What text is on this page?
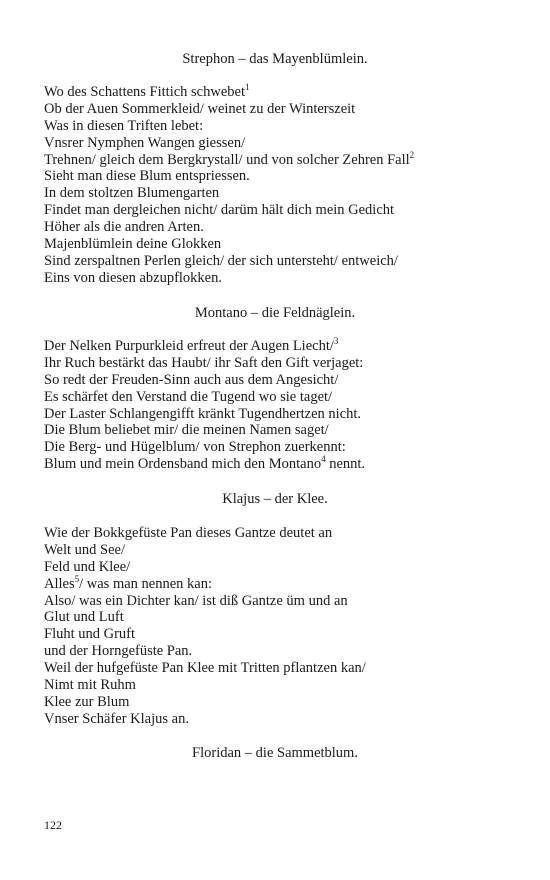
Strephon – das Mayenblümlein.
Wo des Schattens Fittich schwebet$^1$
Ob der Auen Sommerkleid/ weinet zu der Winterszeit
Was in diesen Triften lebet:
Vnsrer Nymphen Wangen giessen/
Trehnen/ gleich dem Bergkrystall/ und von solcher Zehren Fall$^2$
Sieht man diese Blum entspriessen.
In dem stoltzen Blumengarten
Findet man dergleichen nicht/ darüm hält dich mein Gedicht
Höher als die andren Arten.
Majenblümlein deine Glokken
Sind zerspaltnen Perlen gleich/ der sich untersteht/ entweich/
Eins von diesen abzupflokken.
Montano – die Feldnäglein.
Der Nelken Purpurkleid erfreut der Augen Liecht/$^3$
Ihr Ruch bestärkt das Haubt/ ihr Saft den Gift verjaget:
So redt der Freuden-Sinn auch aus dem Angesicht/
Es schärfet den Verstand die Tugend wo sie taget/
Der Laster Schlangengifft kränkt Tugendhertzen nicht.
Die Blum beliebet mir/ die meinen Namen saget/
Die Berg- und Hügelblum/ von Strephon zuerkennt:
Blum und mein Ordensband mich den Montano$^4$ nennt.
Klajus – der Klee.
Wie der Bokkgefüste Pan dieses Gantze deutet an
Welt und See/
Feld und Klee/
Alles$^5$/ was man nennen kan:
Also/ was ein Dichter kan/ ist diß Gantze üm und an
Glut und Luft
Fluht und Gruft
und der Horngefüste Pan.
Weil der hufgefüste Pan Klee mit Tritten pflantzen kan/
Nimt mit Ruhm
Klee zur Blum
Vnser Schäfer Klajus an.
Floridan – die Sammetblum.
122
